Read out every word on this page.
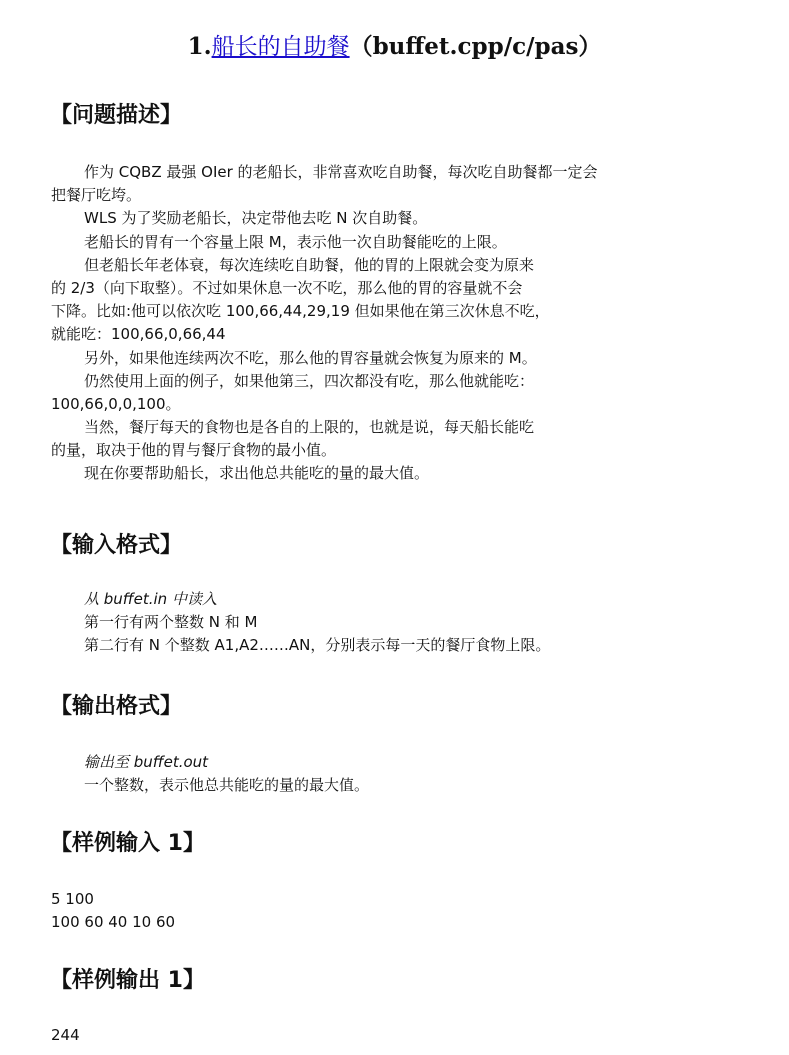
1.船长的自助餐（buffet.cpp/c/pas）
【问题描述】
作为 CQBZ 最强 OIer 的老船长，非常喜欢吃自助餐，每次吃自助餐都一定会
把餐厅吃垮。
WLS 为了奖励老船长，决定带他去吃 N 次自助餐。
老船长的胃有一个容量上限 M，表示他一次自助餐能吃的上限。
但老船长年老体衰，每次连续吃自助餐，他的胃的上限就会变为原来
的 2/3（向下取整）。不过如果休息一次不吃，那么他的胃的容量就不会
下降。比如:他可以依次吃 100,66,44,29,19 但如果他在第三次休息不吃，
就能吃：100,66,0,66,44
另外，如果他连续两次不吃，那么他的胃容量就会恢复为原来的 M。
仍然使用上面的例子，如果他第三，四次都没有吃，那么他就能吃：
100,66,0,0,100。
当然，餐厅每天的食物也是各自的上限的，也就是说，每天船长能吃
的量，取决于他的胃与餐厅食物的最小值。
现在你要帮助船长，求出他总共能吃的量的最大值。
【输入格式】
从 buffet.in 中读入
第一行有两个整数 N 和 M
第二行有 N 个整数 A1,A2……AN，分别表示每一天的餐厅食物上限。
【输出格式】
输出至 buffet.out
一个整数，表示他总共能吃的量的最大值。
【样例输入 1】
5 100
100 60 40 10 60
【样例输出 1】
244
